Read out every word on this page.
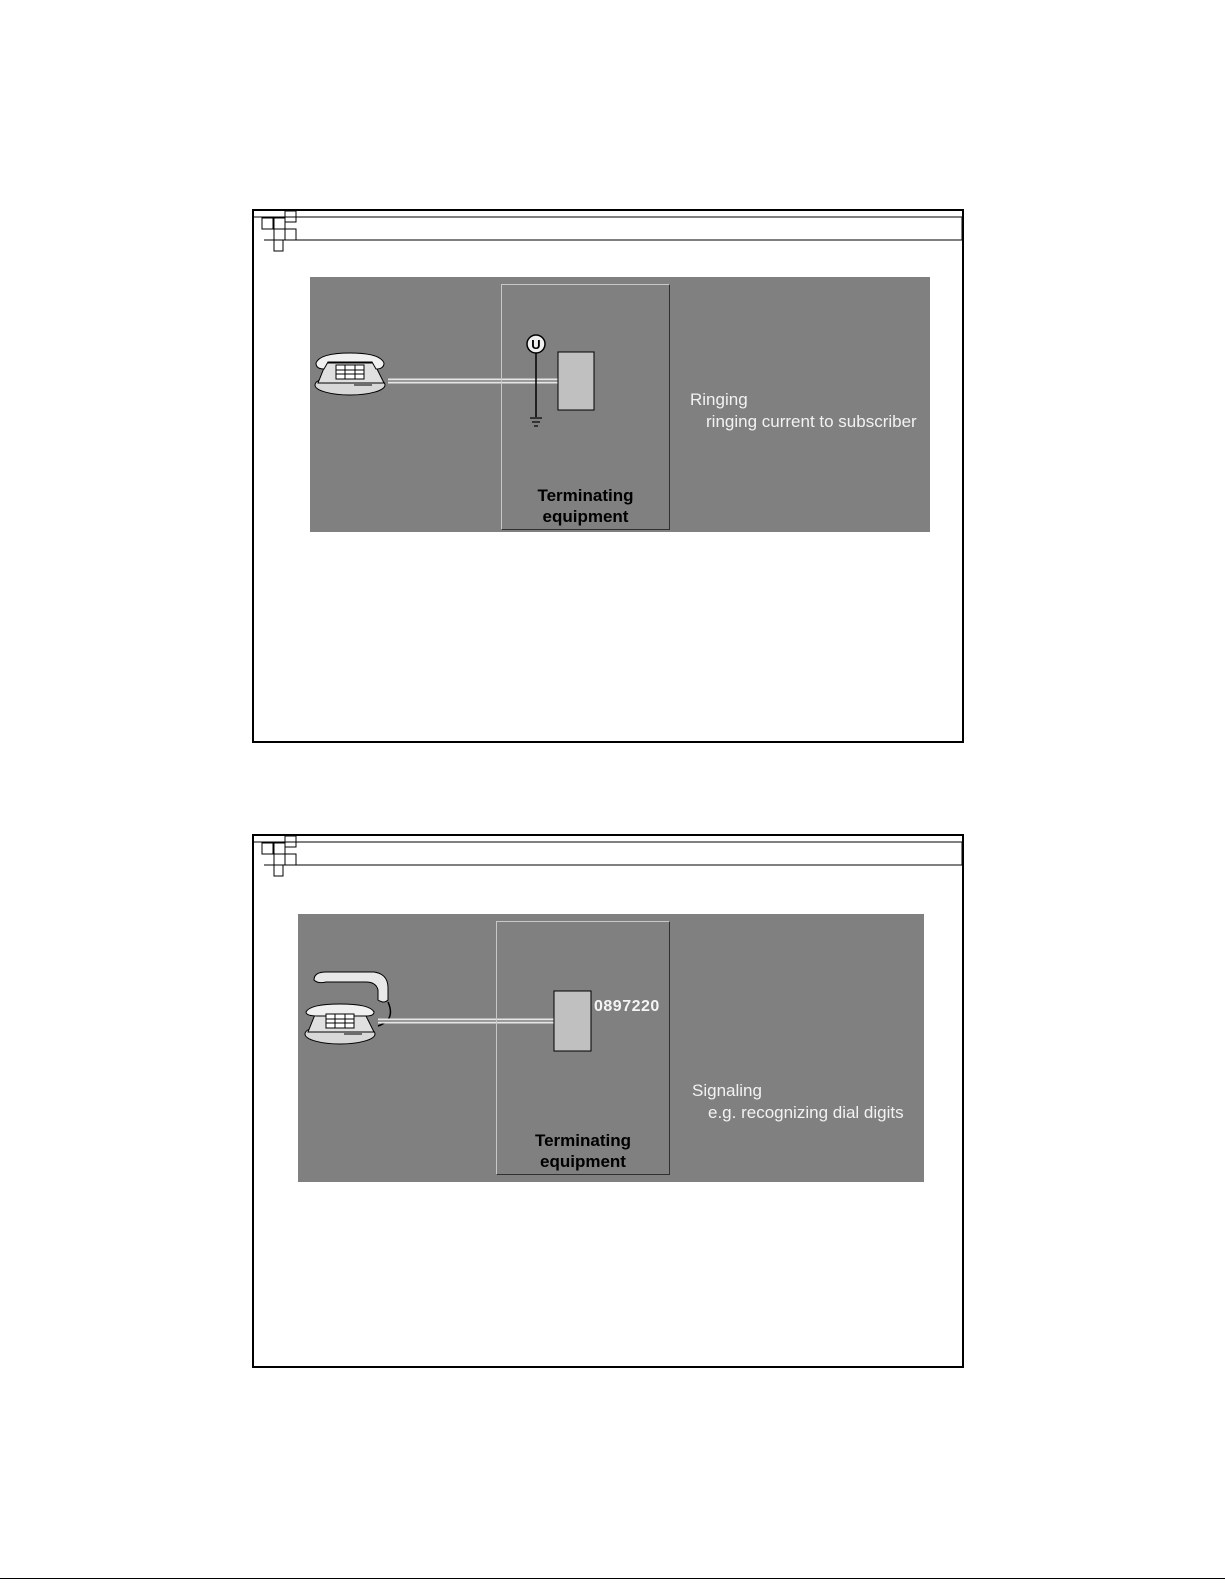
U
Terminating
equipment
Ringing
ringing current to subscriber
Terminating
equipment
0897220
Signaling
e.g. recognizing dial digits
